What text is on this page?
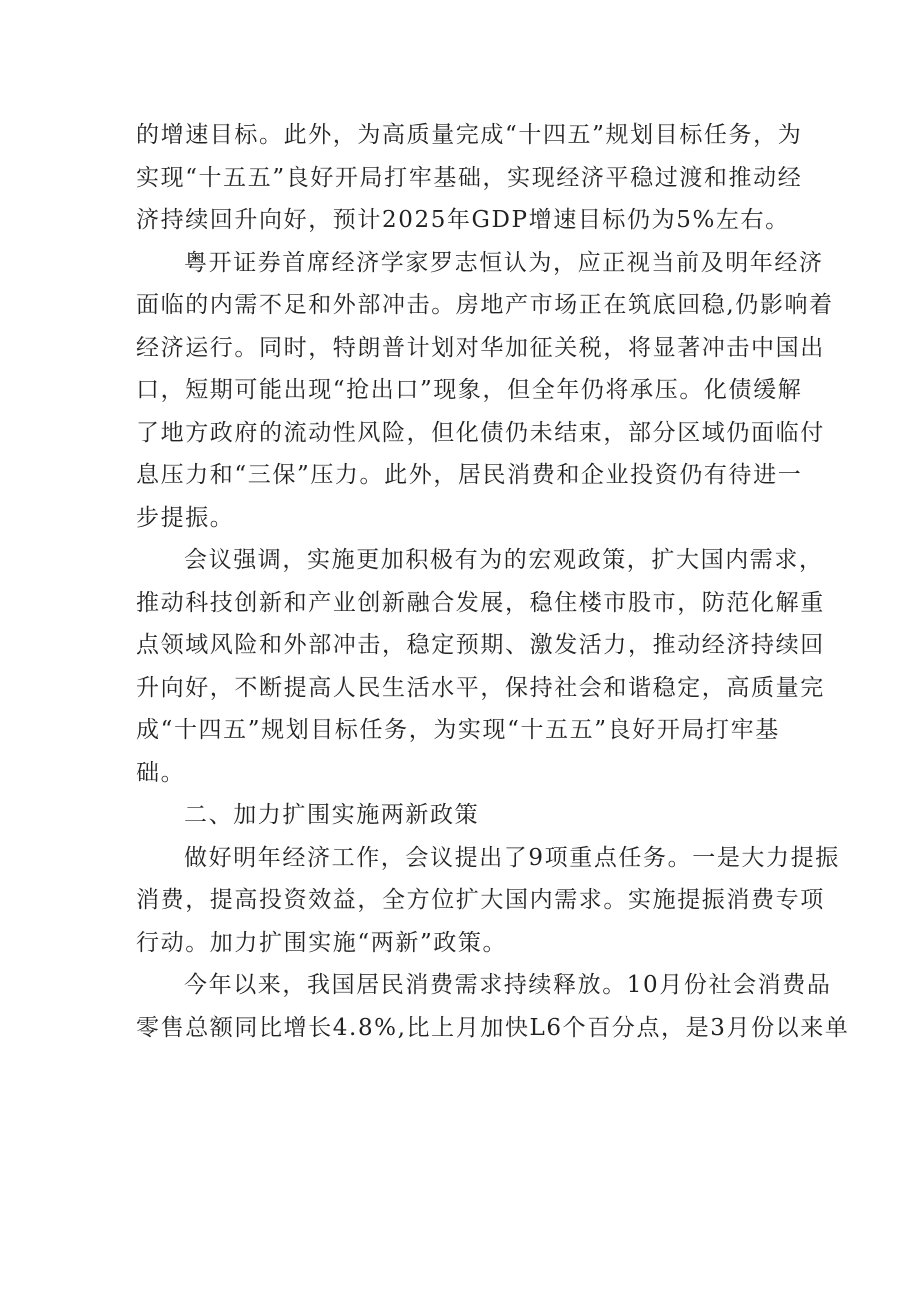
的增速目标。此外，为高质量完成“十四五”规划目标任务，为
实现“十五五”良好开局打牢基础，实现经济平稳过渡和推动经
济持续回升向好，预计2025年GDP增速目标仍为5%左右。

粤开证券首席经济学家罗志恒认为，应正视当前及明年经济
面临的内需不足和外部冲击。房地产市场正在筑底回稳,仍影响着
经济运行。同时，特朗普计划对华加征关税，将显著冲击中国出
口，短期可能出现“抢出口”现象，但全年仍将承压。化债缓解
了地方政府的流动性风险，但化债仍未结束，部分区域仍面临付
息压力和“三保”压力。此外，居民消费和企业投资仍有待进一
步提振。

会议强调，实施更加积极有为的宏观政策，扩大国内需求，
推动科技创新和产业创新融合发展，稳住楼市股市，防范化解重
点领域风险和外部冲击，稳定预期、激发活力，推动经济持续回
升向好，不断提高人民生活水平，保持社会和谐稳定，高质量完
成“十四五”规划目标任务，为实现“十五五”良好开局打牢基
础。

二、加力扩围实施两新政策

做好明年经济工作，会议提出了9项重点任务。一是大力提振
消费，提高投资效益，全方位扩大国内需求。实施提振消费专项
行动。加力扩围实施“两新”政策。

今年以来，我国居民消费需求持续释放。10月份社会消费品
零售总额同比增长4.8%,比上月加快L6个百分点，是3月份以来单
